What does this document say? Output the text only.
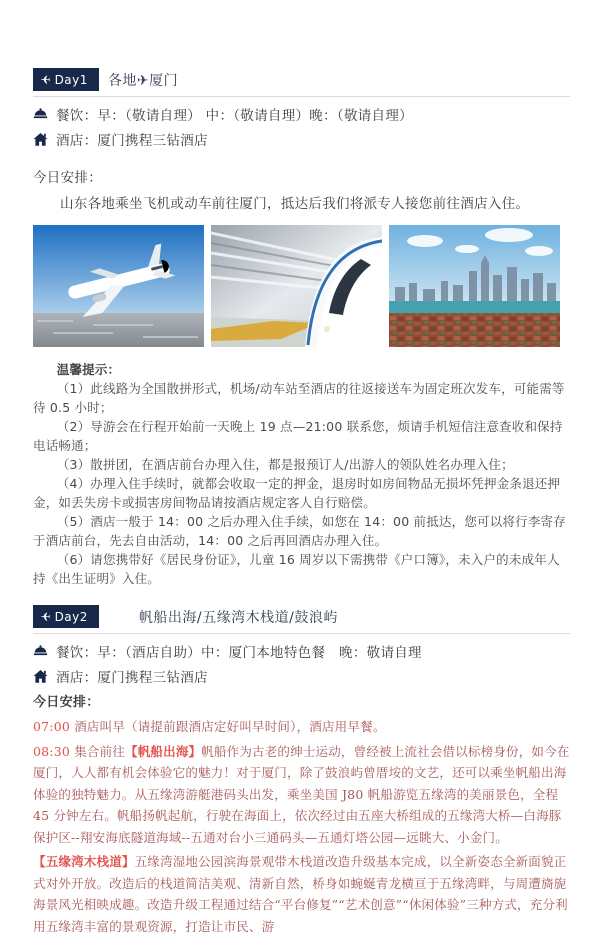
✈ Day1 各地✈厦门
餐饮：早：（敬请自理） 中：（敬请自理）晚：（敬请自理）
酒店：厦门携程三钻酒店
今日安排：
山东各地乘坐飞机或动车前往厦门，抵达后我们将派专人接您前往酒店入住。

温馨提示：

（1）此线路为全国散拼形式，机场/动车站至酒店的往返接送车为固定班次发车，可能需等待 0.5 小时；

（2）导游会在行程开始前一天晚上 19 点—21:00 联系您，烦请手机短信注意查收和保持电话畅通；

（3）散拼团，在酒店前台办理入住，都是报预订人/出游人的领队姓名办理入住；

（4）办理入住手续时，就都会收取一定的押金，退房时如房间物品无损坏凭押金条退还押金，如丢失房卡或损害房间物品请按酒店规定客人自行赔偿。

（5）酒店一般于 14：00 之后办理入住手续，如您在 14：00 前抵达，您可以将行李寄存于酒店前台，先去自由活动，14：00 之后再回酒店办理入住。

（6）请您携带好《居民身份证》，儿童 16 周岁以下需携带《户口簿》，未入户的未成年人持《出生证明》入住。

✈ Day2	帆船出海/五缘湾木栈道/鼓浪屿
餐饮：早：（酒店自助）中：厦门本地特色餐　晚：敬请自理
酒店：厦门携程三钻酒店
今日安排：

07:00 酒店叫早（请提前跟酒店定好叫早时间），酒店用早餐。

08:30 集合前往【帆船出海】帆船作为古老的绅士运动，曾经被上流社会借以标榜身份，如今在厦门，人人都有机会体验它的魅力！对于厦门，除了鼓浪屿曾厝垵的文艺，还可以乘坐帆船出海体验的独特魅力。从五缘湾游艇港码头出发，乘坐美国 J80 帆船游览五缘湾的美丽景色，全程 45 分钟左右。帆船扬帆起航，行驶在海面上，依次经过由五座大桥组成的五缘湾大桥—白海豚保护区--翔安海底隧道海域--五通对台小三通码头—五通灯塔公园—远眺大、小金门。

【五缘湾木栈道】五缘湾湿地公园滨海景观带木栈道改造升级基本完成，以全新姿态全新面貌正式对外开放。改造后的栈道简洁美观、清新自然，桥身如蜿蜒青龙横亘于五缘湾畔，与周遭旖旎海景风光相映成趣。改造升级工程通过结合“平台修复”“艺术创意”“休闲体验”三种方式，充分利用五缘湾丰富的景观资源，打造让市民、游
